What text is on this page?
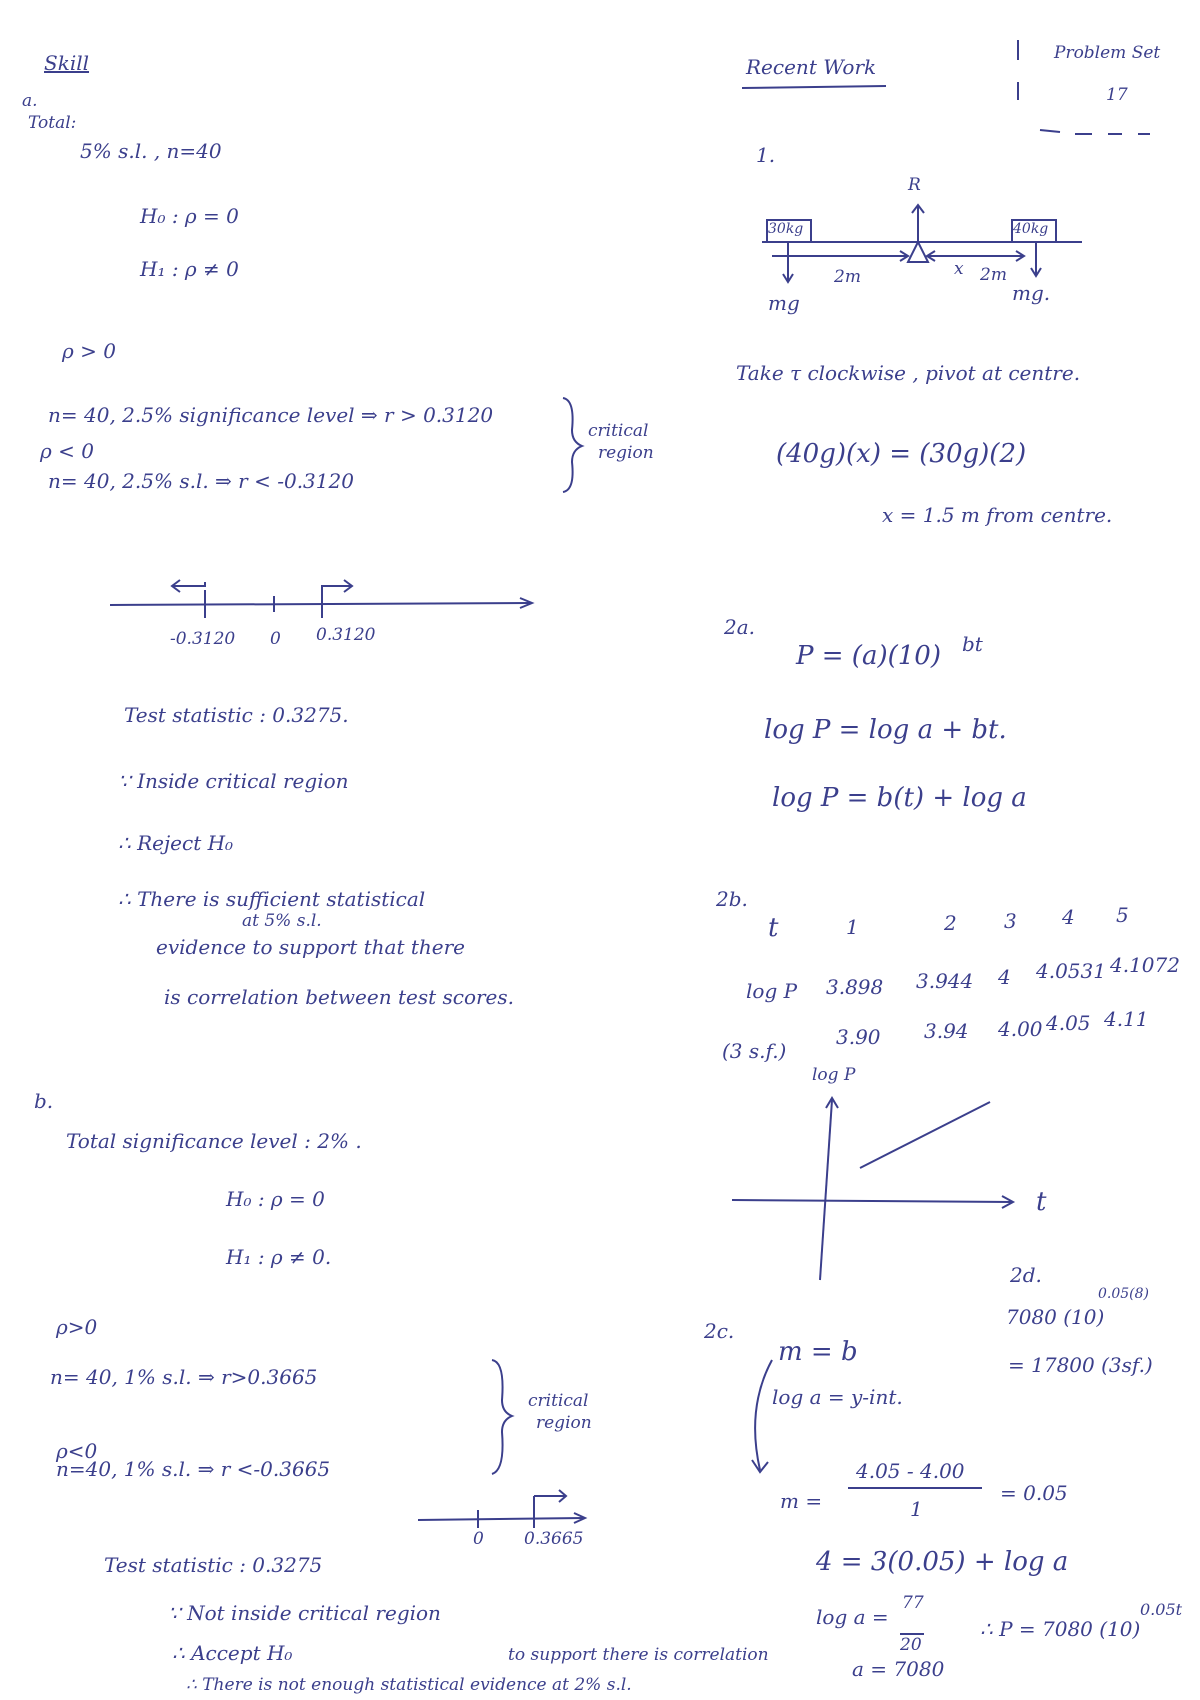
Skill
a.
Total:
5% s.l. , n=40
H₀ : ρ = 0
H₁ : ρ ≠ 0
ρ > 0
n= 40, 2.5% significance level ⇒ r > 0.3120
ρ < 0
n= 40, 2.5% s.l. ⇒ r < -0.3120
critical
region
-0.3120 0 0.3120
Test statistic : 0.3275.
∵ Inside critical region
∴ Reject H₀
∴ There is sufficient statistical
at 5% s.l.
evidence to support that there
is correlation between test scores.
b.
Total significance level : 2% .
H₀ : ρ = 0
H₁ : ρ ≠ 0.
ρ>0
n= 40, 1% s.l. ⇒ r>0.3665
ρ<0
n=40, 1% s.l. ⇒ r <-0.3665
critical
region
0 0.3665
Test statistic : 0.3275
∵ Not inside critical region
∴ Accept H₀	to support there is correlation
∴ There is not enough statistical evidence at 2% s.l.
Recent Work
Problem Set
17
1.
R
30kg	40kg
2m	x 2m
mg	mg.
Take τ clockwise , pivot at centre.
(40g)(x) = (30g)(2)
x = 1.5 m from centre.
2a.
P = (a)(10) bt
log P = log a + bt.
log P = b(t) + log a
2b.
t	1	2 3 4 5
log P 3.898 3.944 4 4.0531 4.1072
(3 s.f.)
3.90 3.94 4.00 4.05 4.11
log P
t
2c.
m = b
log a = y-int.
4.05 - 4.00
m =	1
= 0.05
4 = 3(0.05) + log a
log a =
77
20
a = 7080
∴ P = 7080 (10)
0.05t
2d.
7080 (10)
0.05(8)
= 17800 (3sf.)
